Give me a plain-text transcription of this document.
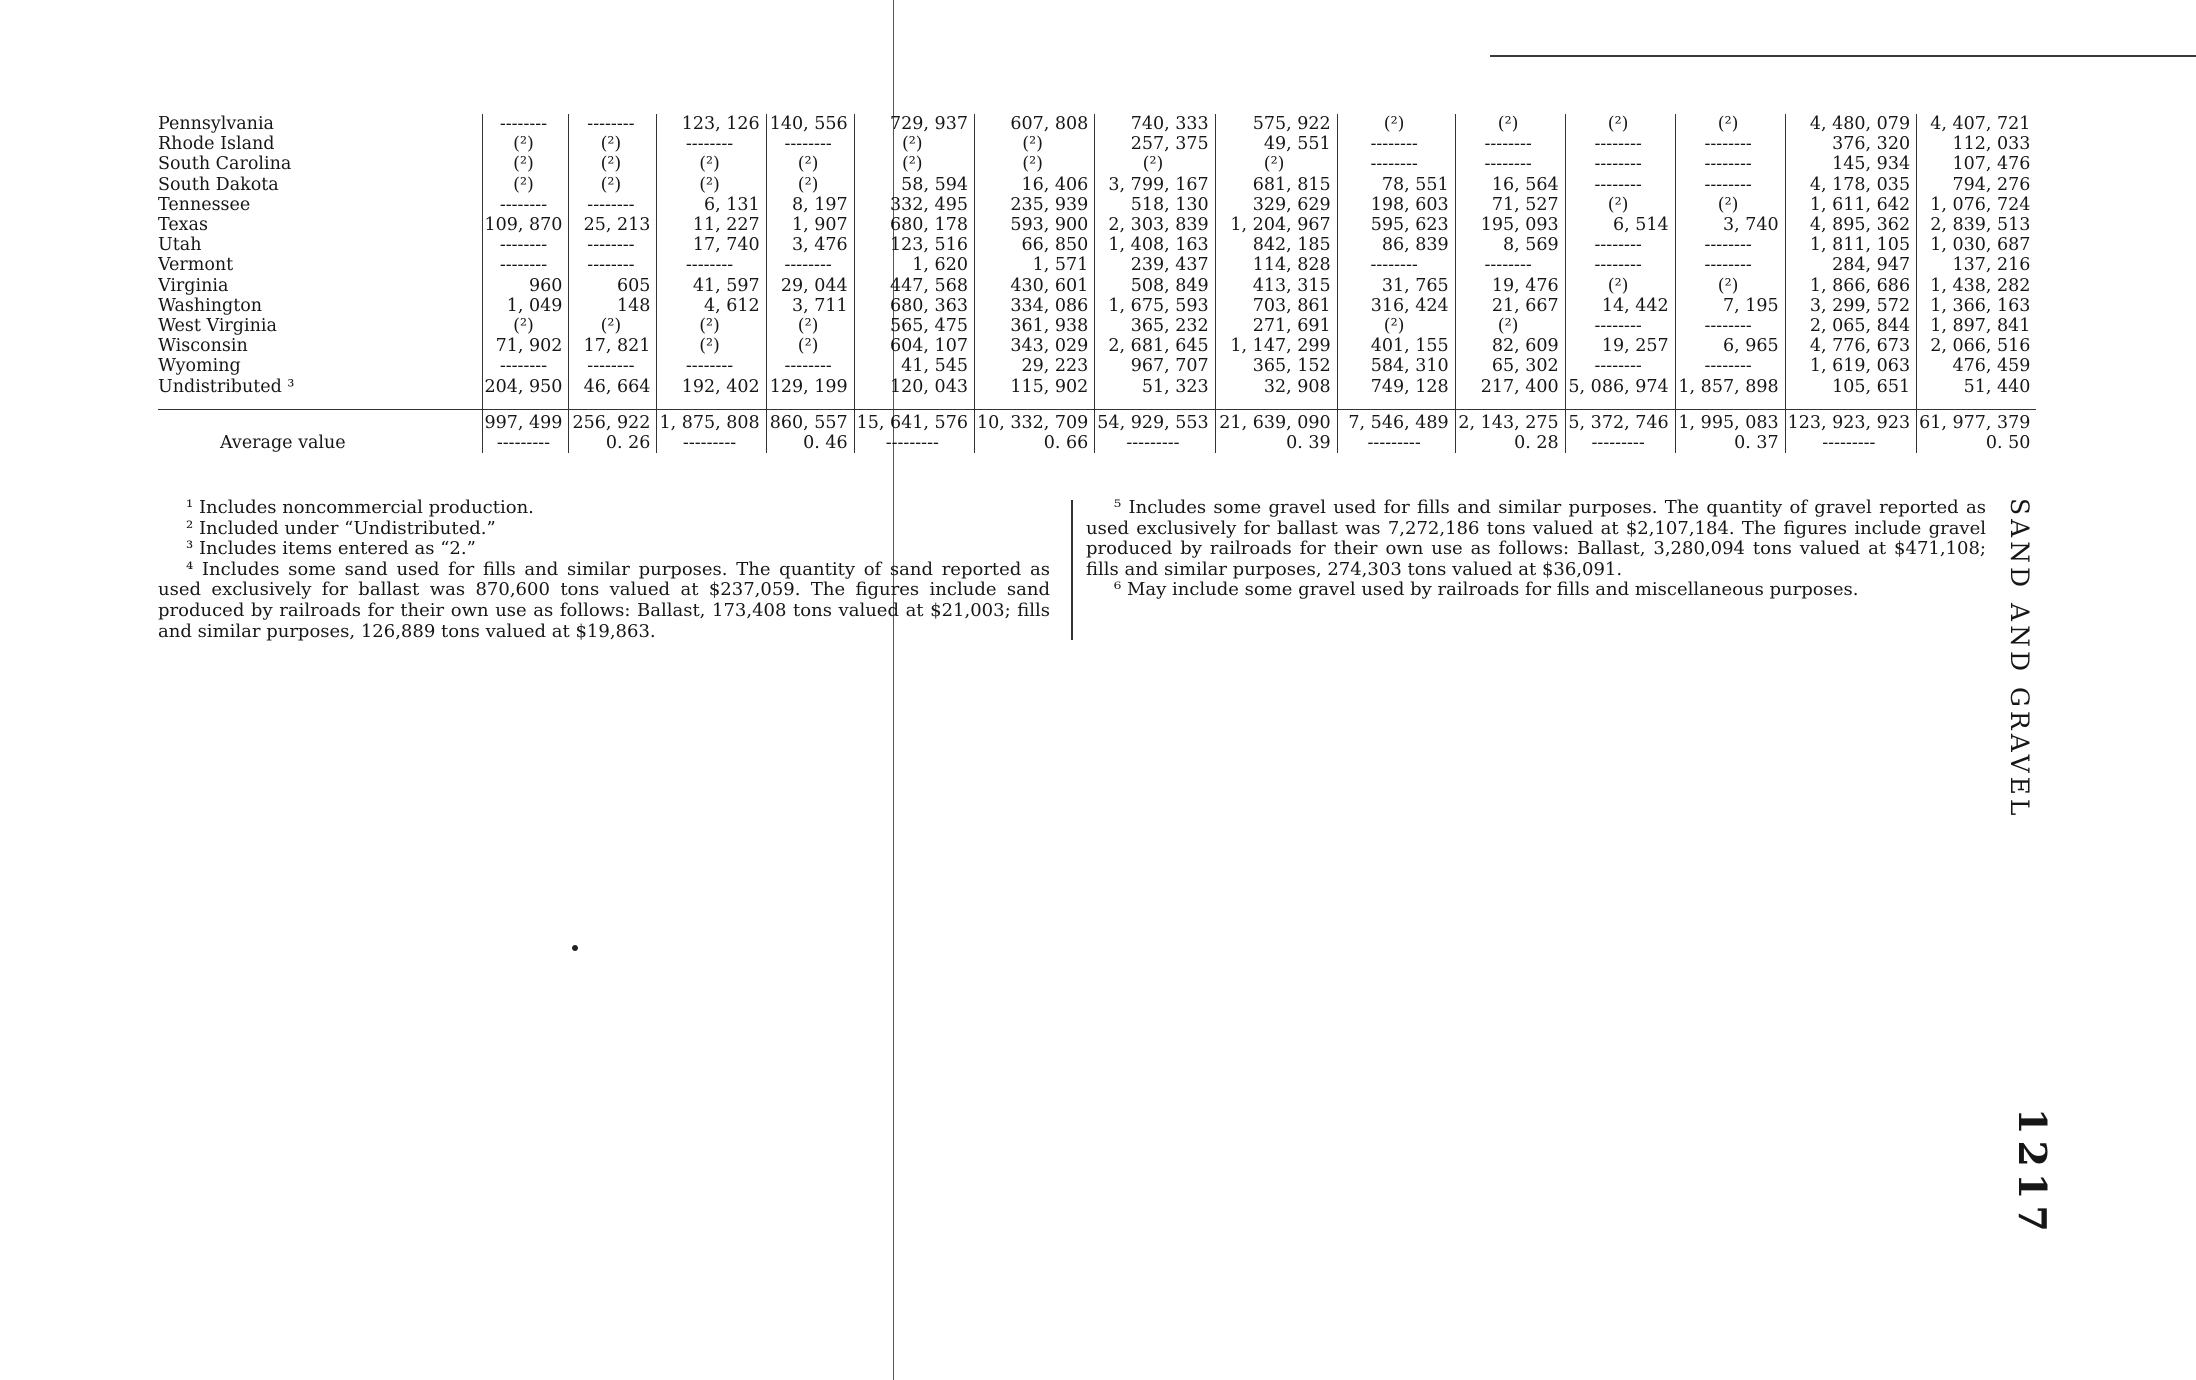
Pennsylvania	--------	--------	123, 126	140, 556	729, 937	607, 808	740, 333	575, 922	(²)	(²)	(²)	(²)	4, 480, 079	4, 407, 721
Rhode Island	(²)	(²)	--------	--------	(²)	(²)	257, 375	49, 551	--------	--------	--------	--------	376, 320	112, 033
South Carolina	(²)	(²)	(²)	(²)	(²)	(²)	(²)	(²)	--------	--------	--------	--------	145, 934	107, 476
South Dakota	(²)	(²)	(²)	(²)	58, 594	16, 406	3, 799, 167	681, 815	78, 551	16, 564	--------	--------	4, 178, 035	794, 276
Tennessee	--------	--------	6, 131	8, 197	332, 495	235, 939	518, 130	329, 629	198, 603	71, 527	(²)	(²)	1, 611, 642	1, 076, 724
Texas	109, 870	25, 213	11, 227	1, 907	680, 178	593, 900	2, 303, 839	1, 204, 967	595, 623	195, 093	6, 514	3, 740	4, 895, 362	2, 839, 513
Utah	--------	--------	17, 740	3, 476	123, 516	66, 850	1, 408, 163	842, 185	86, 839	8, 569	--------	--------	1, 811, 105	1, 030, 687
Vermont	--------	--------	--------	--------	1, 620	1, 571	239, 437	114, 828	--------	--------	--------	--------	284, 947	137, 216
Virginia	960	605	41, 597	29, 044	447, 568	430, 601	508, 849	413, 315	31, 765	19, 476	(²)	(²)	1, 866, 686	1, 438, 282
Washington	1, 049	148	4, 612	3, 711	680, 363	334, 086	1, 675, 593	703, 861	316, 424	21, 667	14, 442	7, 195	3, 299, 572	1, 366, 163
West Virginia	(²)	(²)	(²)	(²)	565, 475	361, 938	365, 232	271, 691	(²)	(²)	--------	--------	2, 065, 844	1, 897, 841
Wisconsin	71, 902	17, 821	(²)	(²)	604, 107	343, 029	2, 681, 645	1, 147, 299	401, 155	82, 609	19, 257	6, 965	4, 776, 673	2, 066, 516
Wyoming	--------	--------	--------	--------	41, 545	29, 223	967, 707	365, 152	584, 310	65, 302	--------	--------	1, 619, 063	476, 459
Undistributed ³	204, 950	46, 664	192, 402	129, 199	120, 043	115, 902	51, 323	32, 908	749, 128	217, 400	5, 086, 974	1, 857, 898	105, 651	51, 440

	997, 499	256, 922	1, 875, 808	860, 557	15, 641, 576	10, 332, 709	54, 929, 553	21, 639, 090	7, 546, 489	2, 143, 275	5, 372, 746	1, 995, 083	123, 923, 923	61, 977, 379
Average value	---------	0. 26	---------	0. 46	---------	0. 66	---------	0. 39	---------	0. 28	---------	0. 37	---------	0. 50

¹ Includes noncommercial production.

² Included under “Undistributed.”

³ Includes items entered as “2.”

⁴ Includes some sand used for fills and similar purposes. The quantity of sand reported as used exclusively for ballast was 870,600 tons valued at $237,059. The figures include sand produced by railroads for their own use as follows: Ballast, 173,408 tons valued at $21,003; fills and similar purposes, 126,889 tons valued at $19,863.

⁵ Includes some gravel used for fills and similar purposes. The quantity of gravel reported as used exclusively for ballast was 7,272,186 tons valued at $2,107,184. The figures include gravel produced by railroads for their own use as follows: Ballast, 3,280,094 tons valued at $471,108; fills and similar purposes, 274,303 tons valued at $36,091.

⁶ May include some gravel used by railroads for fills and miscellaneous purposes.	SAND AND GRAVEL
1217
